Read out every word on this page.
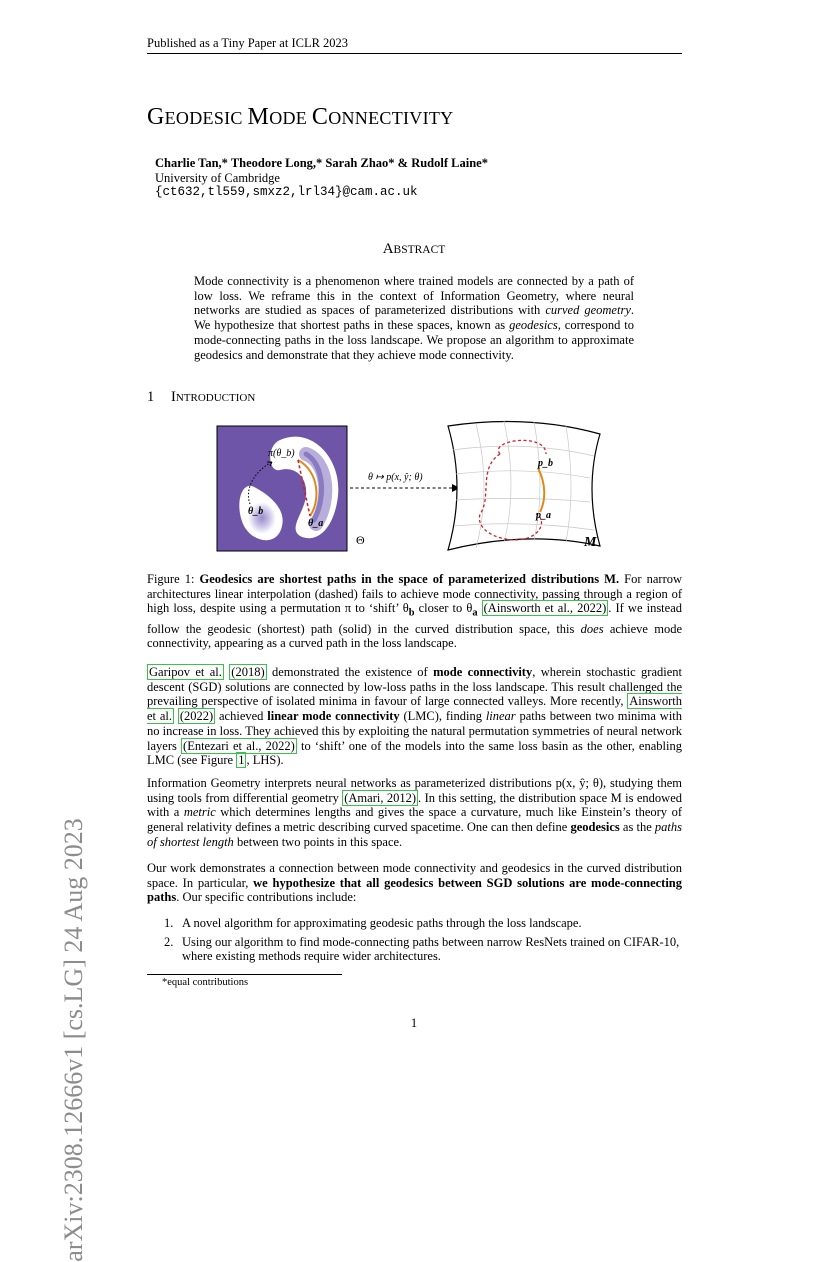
Published as a Tiny Paper at ICLR 2023
arXiv:2308.12666v1 [cs.LG] 24 Aug 2023
GEODESIC MODE CONNECTIVITY
Charlie Tan,* Theodore Long,* Sarah Zhao* & Rudolf Laine*
University of Cambridge
{ct632,tl559,smxz2,lrl34}@cam.ac.uk
ABSTRACT
Mode connectivity is a phenomenon where trained models are connected by a path of low loss. We reframe this in the context of Information Geometry, where neural networks are studied as spaces of parameterized distributions with curved geometry. We hypothesize that shortest paths in these spaces, known as geodesics, correspond to mode-connecting paths in the loss landscape. We propose an algorithm to approximate geodesics and demonstrate that they achieve mode connectivity.
1 INTRODUCTION
π(θ_b)
θ_b
θ_a
Θ
θ ↦ p(x, ŷ; θ)
p_b
p_a
M
Figure 1: Geodesics are shortest paths in the space of parameterized distributions M. For narrow architectures linear interpolation (dashed) fails to achieve mode connectivity, passing through a region of high loss, despite using a permutation π to ‘shift’ $\theta_b$ closer to $\theta_a$ (Ainsworth et al., 2022) . If we instead follow the geodesic (shortest) path (solid) in the curved distribution space, this does achieve mode connectivity, appearing as a curved path in the loss landscape.
Garipov et al. (2018) demonstrated the existence of mode connectivity, wherein stochastic gradient descent (SGD) solutions are connected by low-loss paths in the loss landscape. This result challenged the prevailing perspective of isolated minima in favour of large connected valleys. More recently, Ainsworth et al. (2022) achieved linear mode connectivity (LMC), finding linear paths between two minima with no increase in loss. They achieved this by exploiting the natural permutation symmetries of neural network layers (Entezari et al., 2022) to ‘shift’ one of the models into the same loss basin as the other, enabling LMC (see Figure 1 , LHS).
Information Geometry interprets neural networks as parameterized distributions p(x, ŷ; θ), studying them using tools from differential geometry (Amari, 2012) . In this setting, the distribution space M is endowed with a metric which determines lengths and gives the space a curvature, much like Einstein’s theory of general relativity defines a metric describing curved spacetime. One can then define geodesics as the paths of shortest length between two points in this space.
Our work demonstrates a connection between mode connectivity and geodesics in the curved distribution space. In particular, we hypothesize that all geodesics between SGD solutions are mode-connecting paths. Our specific contributions include:
1. A novel algorithm for approximating geodesic paths through the loss landscape.
2. Using our algorithm to find mode-connecting paths between narrow ResNets trained on CIFAR-10, where existing methods require wider architectures.
*equal contributions
1
